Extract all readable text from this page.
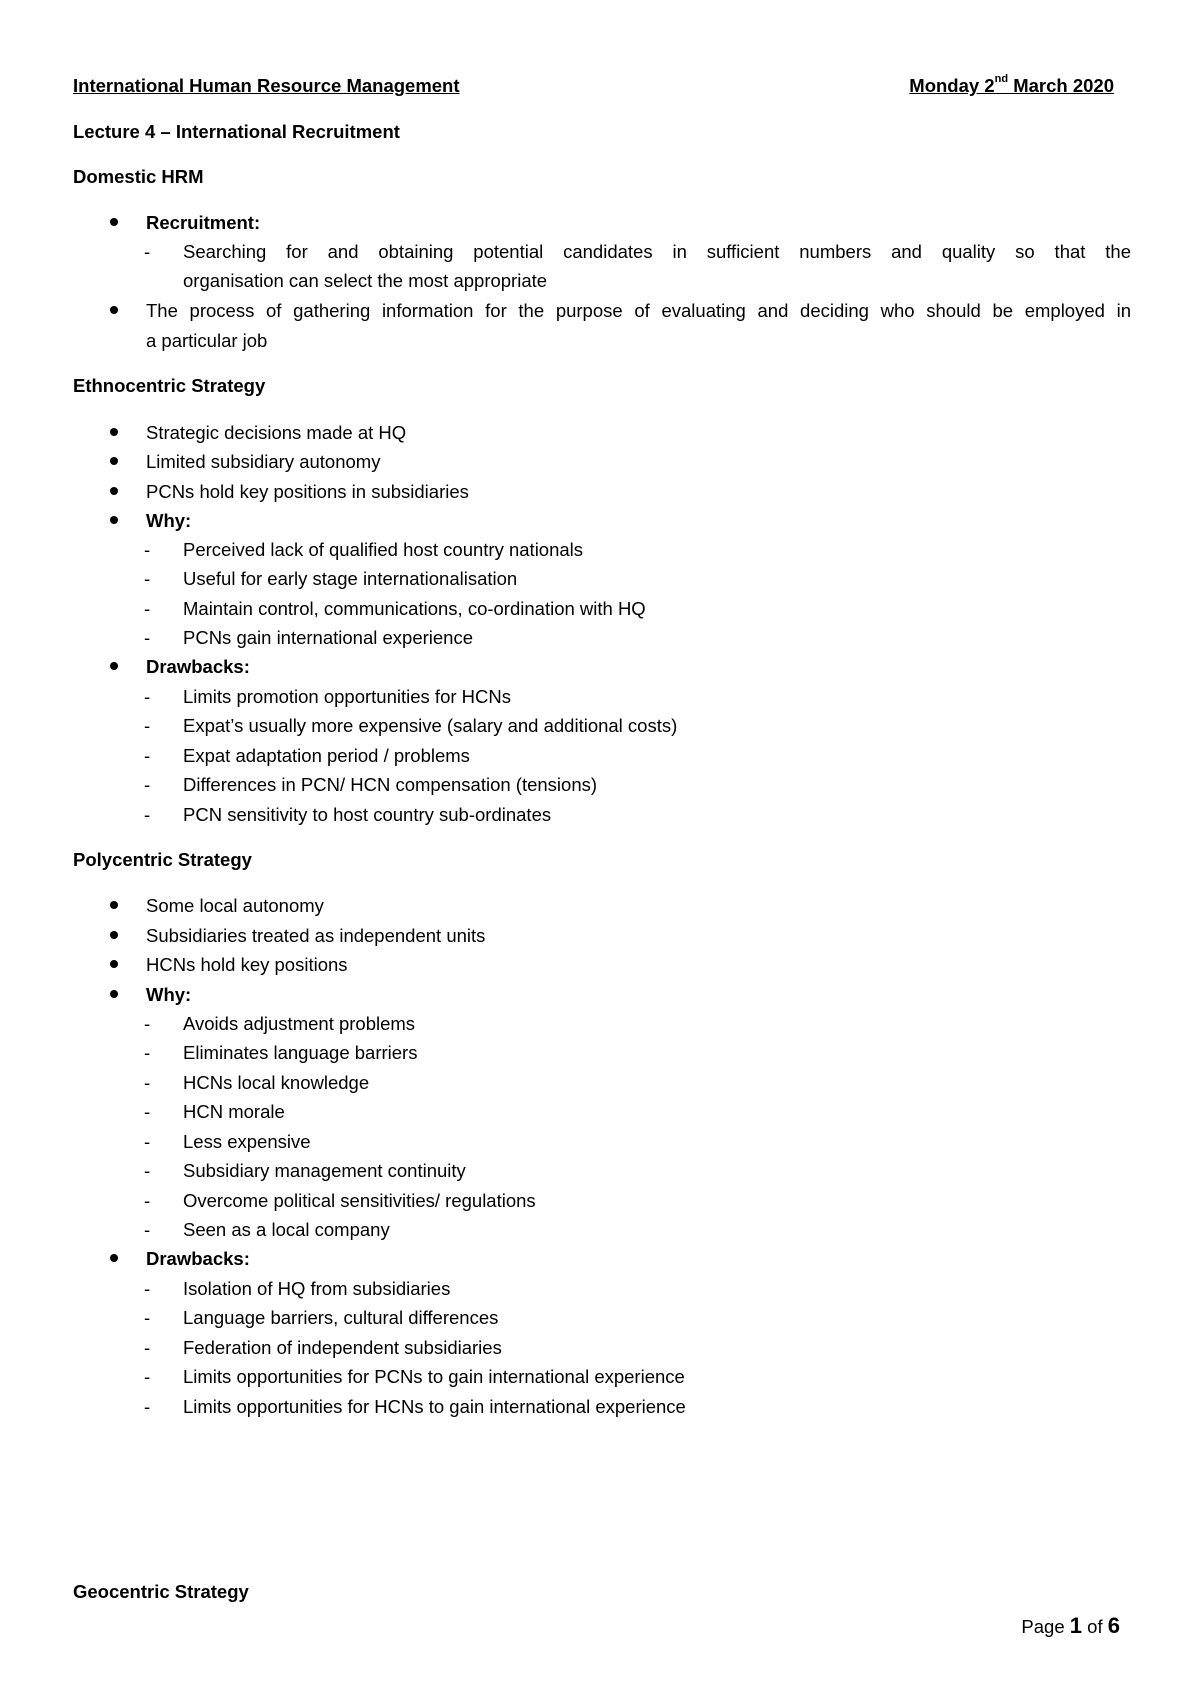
International Human Resource Management	Monday 2nd March 2020
Lecture 4 – International Recruitment
Domestic HRM
Recruitment:
- Searching for and obtaining potential candidates in sufficient numbers and quality so that the
organisation can select the most appropriate
The process of gathering information for the purpose of evaluating and deciding who should be employed in
a particular job
Ethnocentric Strategy
Strategic decisions made at HQ
Limited subsidiary autonomy
PCNs hold key positions in subsidiaries
Why:
- Perceived lack of qualified host country nationals
- Useful for early stage internationalisation
- Maintain control, communications, co-ordination with HQ
- PCNs gain international experience
Drawbacks:
- Limits promotion opportunities for HCNs
- Expat’s usually more expensive (salary and additional costs)
- Expat adaptation period / problems
- Differences in PCN/ HCN compensation (tensions)
- PCN sensitivity to host country sub-ordinates
Polycentric Strategy
Some local autonomy
Subsidiaries treated as independent units
HCNs hold key positions
Why:
- Avoids adjustment problems
- Eliminates language barriers
- HCNs local knowledge
- HCN morale
- Less expensive
- Subsidiary management continuity
- Overcome political sensitivities/ regulations
- Seen as a local company
Drawbacks:
- Isolation of HQ from subsidiaries
- Language barriers, cultural differences
- Federation of independent subsidiaries
- Limits opportunities for PCNs to gain international experience
- Limits opportunities for HCNs to gain international experience
Geocentric Strategy
Page 1 of 6
